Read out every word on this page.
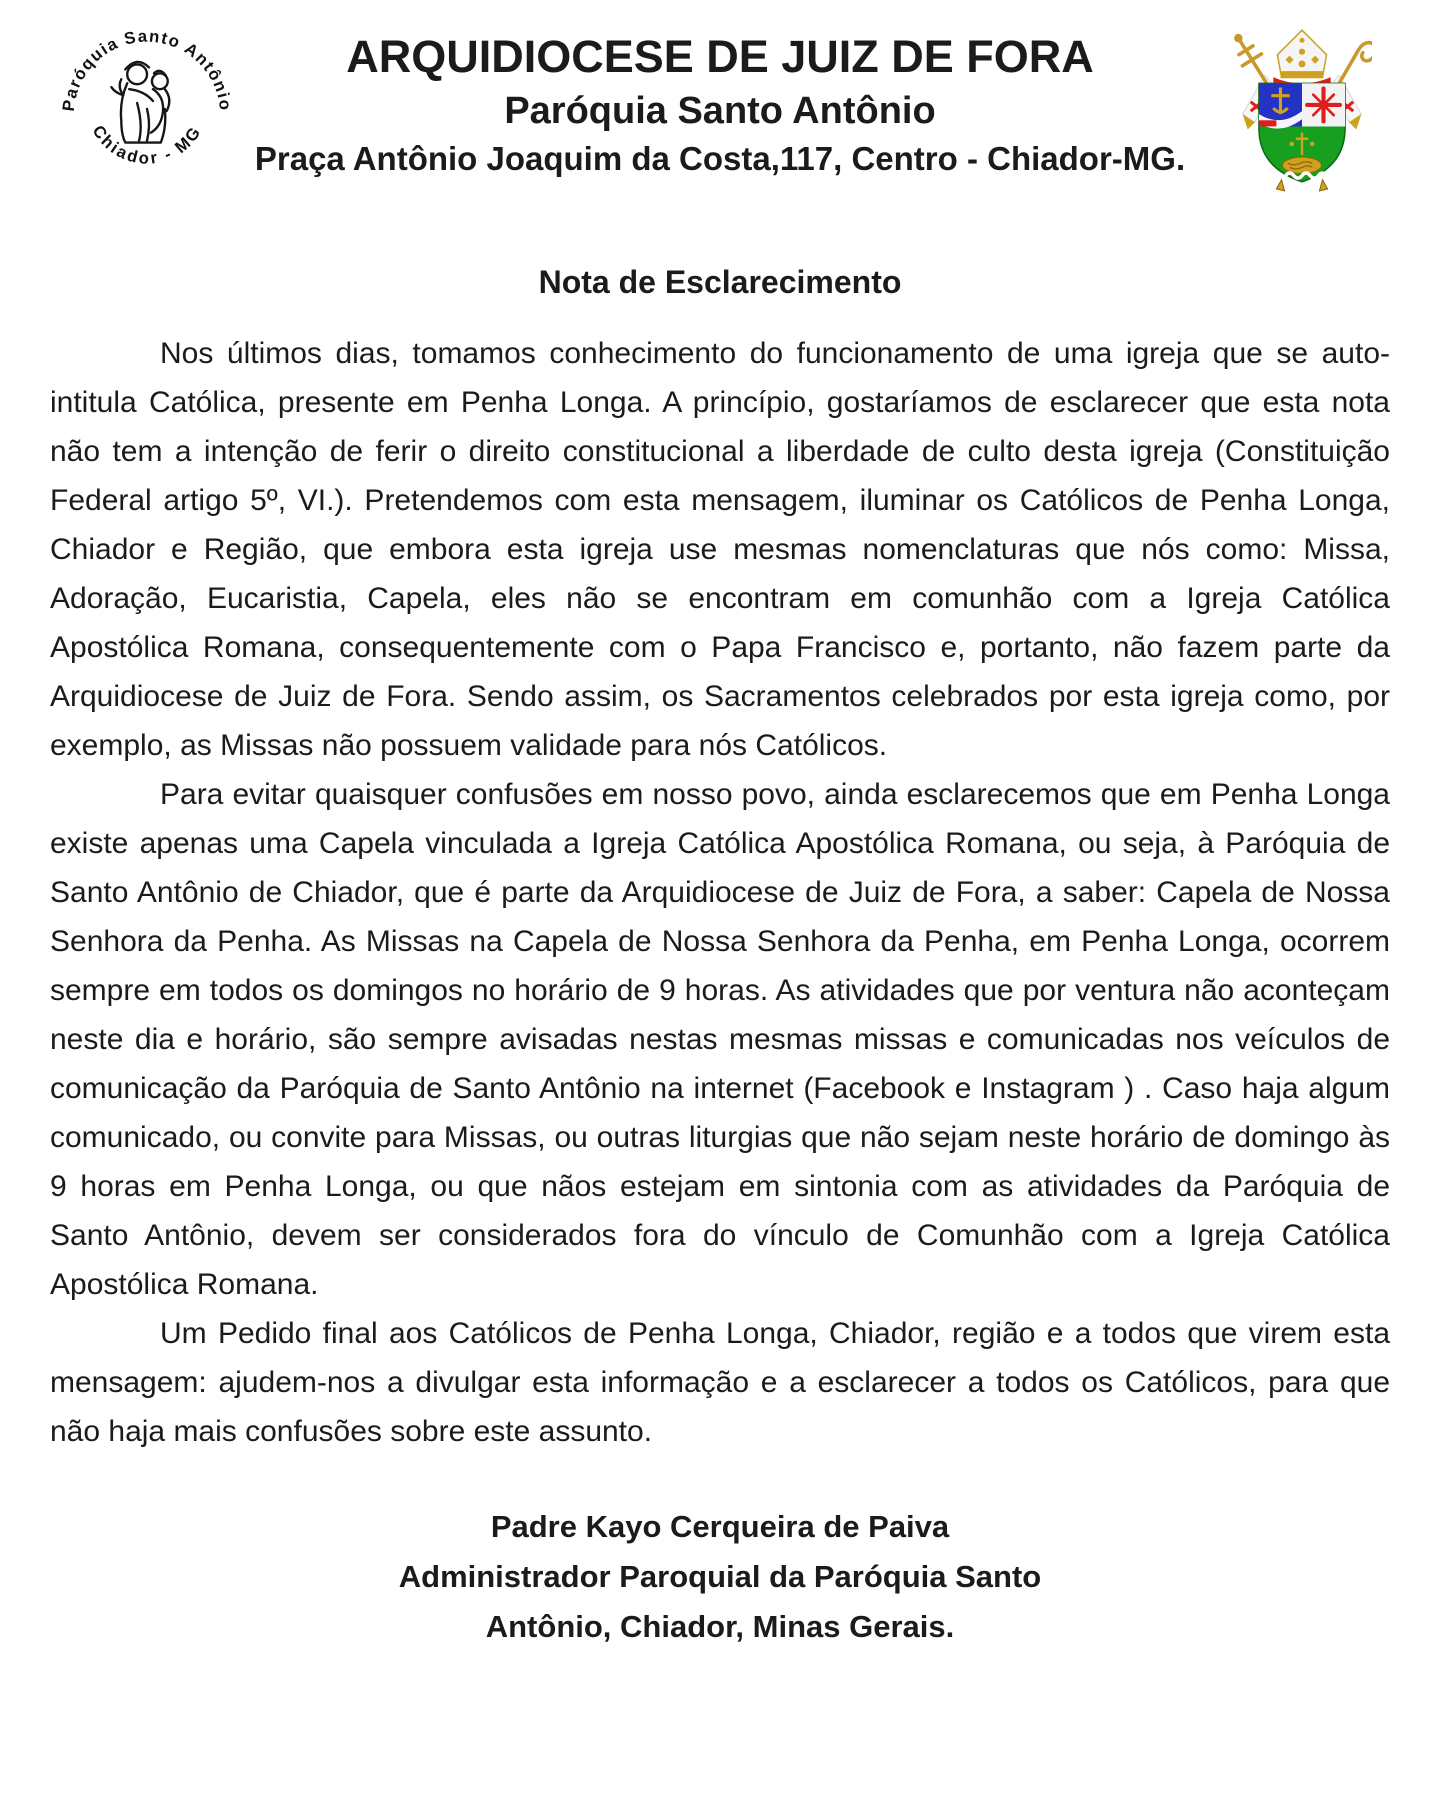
Paróquia Santo Antônio
Chiador - MG
ARQUIDIOCESE DE JUIZ DE FORA
Paróquia Santo Antônio
Praça Antônio Joaquim da Costa,117, Centro - Chiador-MG.
Nota de Esclarecimento

Nos últimos dias, tomamos conhecimento do funcionamento de uma igreja que se auto-intitula Católica, presente em Penha Longa. A princípio, gostaríamos de esclarecer que esta nota não tem a intenção de ferir o direito constitucional a liberdade de culto desta igreja (Constituição Federal artigo 5º, VI.). Pretendemos com esta mensagem, iluminar os Católicos de Penha Longa, Chiador e Região, que embora esta igreja use mesmas nomenclaturas que nós como: Missa, Adoração, Eucaristia, Capela, eles não se encontram em comunhão com a Igreja Católica Apostólica Romana, consequentemente com o Papa Francisco e, portanto, não fazem parte da Arquidiocese de Juiz de Fora. Sendo assim, os Sacramentos celebrados por esta igreja como, por exemplo, as Missas não possuem validade para nós Católicos.

Para evitar quaisquer confusões em nosso povo, ainda esclarecemos que em Penha Longa existe apenas uma Capela vinculada a Igreja Católica Apostólica Romana, ou seja, à Paróquia de Santo Antônio de Chiador, que é parte da Arquidiocese de Juiz de Fora, a saber: Capela de Nossa Senhora da Penha. As Missas na Capela de Nossa Senhora da Penha, em Penha Longa, ocorrem sempre em todos os domingos no horário de 9 horas. As atividades que por ventura não aconteçam neste dia e horário, são sempre avisadas nestas mesmas missas e comunicadas nos veículos de comunicação da Paróquia de Santo Antônio na internet (Facebook e Instagram ) . Caso haja algum comunicado, ou convite para Missas, ou outras liturgias que não sejam neste horário de domingo às 9 horas em Penha Longa, ou que nãos estejam em sintonia com as atividades da Paróquia de Santo Antônio, devem ser considerados fora do vínculo de Comunhão com a Igreja Católica Apostólica Romana.

Um Pedido final aos Católicos de Penha Longa, Chiador, região e a todos que virem esta mensagem: ajudem-nos a divulgar esta informação e a esclarecer a todos os Católicos, para que não haja mais confusões sobre este assunto.

Padre Kayo Cerqueira de Paiva
Administrador Paroquial da Paróquia Santo
Antônio, Chiador, Minas Gerais.
